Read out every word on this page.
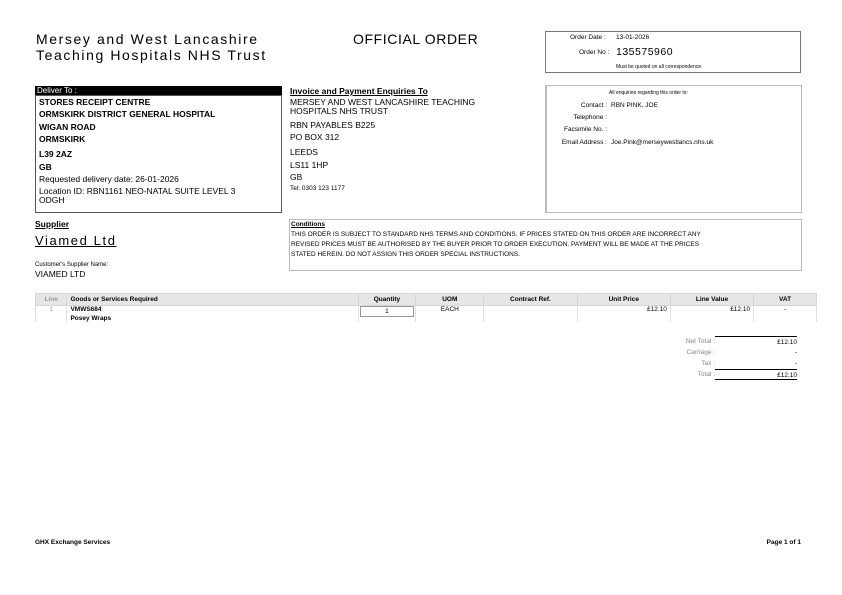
Mersey and West Lancashire
Teaching Hospitals NHS Trust
OFFICIAL ORDER	Order Date : 13-01-2026
Order No : 135575960
Must be quoted on all correspondence.
Deliver To :
STORES RECEIPT CENTRE
ORMSKIRK DISTRICT GENERAL HOSPITAL
WIGAN ROAD
ORMSKIRK
L39 2AZ
GB
Requested delivery date: 26-01-2026
Location ID: RBN1161 NEO-NATAL SUITE LEVEL 3
ODGH
Invoice and Payment Enquiries To
MERSEY AND WEST LANCASHIRE TEACHING
HOSPITALS NHS TRUST
RBN PAYABLES B225
PO BOX 312
LEEDS
LS11 1HP
GB
Tel: 0303 123 1177
All enquiries regarding this order to:
Contact : RBN PINK, JOE
Telephone :
Facsimile No. :
Email Address : Joe.Pink@merseywestlancs.nhs.uk
Supplier
Viamed Ltd
Customer's Supplier Name:
VIAMED LTD
Conditions
THIS ORDER IS SUBJECT TO STANDARD NHS TERMS AND CONDITIONS. IF PRICES STATED ON THIS ORDER ARE INCORRECT ANY
REVISED PRICES MUST BE AUTHORISED BY THE BUYER PRIOR TO ORDER EXECUTION. PAYMENT WILL BE MADE AT THE PRICES
STATED HEREIN. DO NOT ASSIGN THIS ORDER SPECIAL INSTRUCTIONS.
Line	Goods or Services Required	Quantity	UOM	Contract Ref.	Unit Price	Line Value	VAT
1	VMWS684
Posey Wraps	1	EACH		£12.10	£12.10	-
Net Total :	£12.10
Carriage :	-
Tax :	-
Total :	£12.10
GHX Exchange Services	Page 1 of 1
